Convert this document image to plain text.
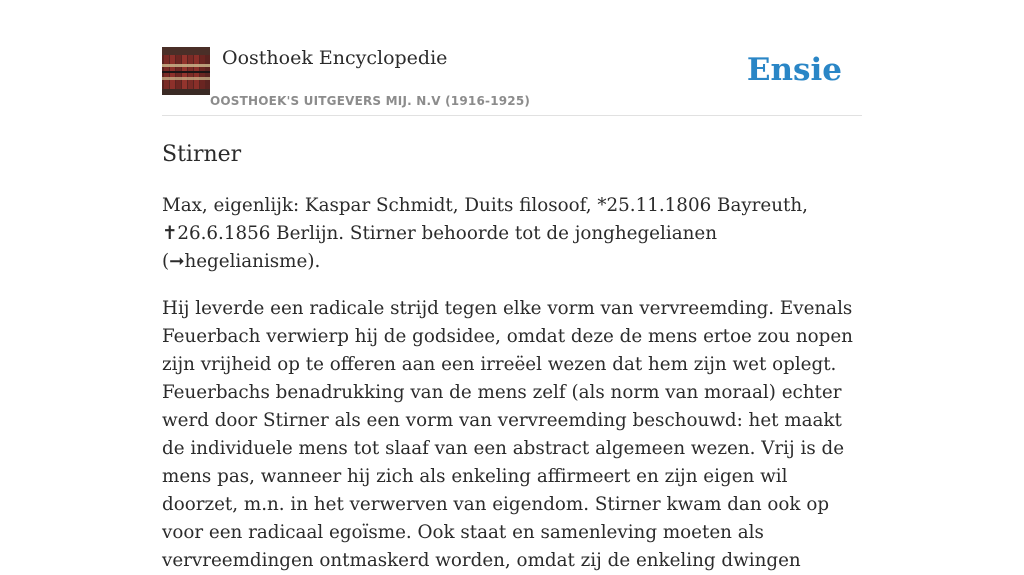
Oosthoek Encyclopedie
OOSTHOEK'S UITGEVERS MIJ. N.V (1916-1925)
Ensie
Stirner

Max, eigenlijk: Kaspar Schmidt, Duits filosoof, *25.11.1806 Bayreuth, ✝26.6.1856 Berlijn. Stirner behoorde tot de jonghegelianen (➞hegelianisme).

Hij leverde een radicale strijd tegen elke vorm van vervreemding. Evenals Feuerbach verwierp hij de godsidee, omdat deze de mens ertoe zou nopen zijn vrijheid op te offeren aan een irreëel wezen dat hem zijn wet oplegt. Feuerbachs benadrukking van de mens zelf (als norm van moraal) echter werd door Stirner als een vorm van vervreemding beschouwd: het maakt de individuele mens tot slaaf van een abstract algemeen wezen. Vrij is de mens pas, wanneer hij zich als enkeling affirmeert en zijn eigen wil doorzet, m.n. in het verwerven van eigendom. Stirner kwam dan ook op voor een radicaal egoïsme. Ook staat en samenleving moeten als vervreemdingen ontmaskerd worden, omdat zij de enkeling dwingen
